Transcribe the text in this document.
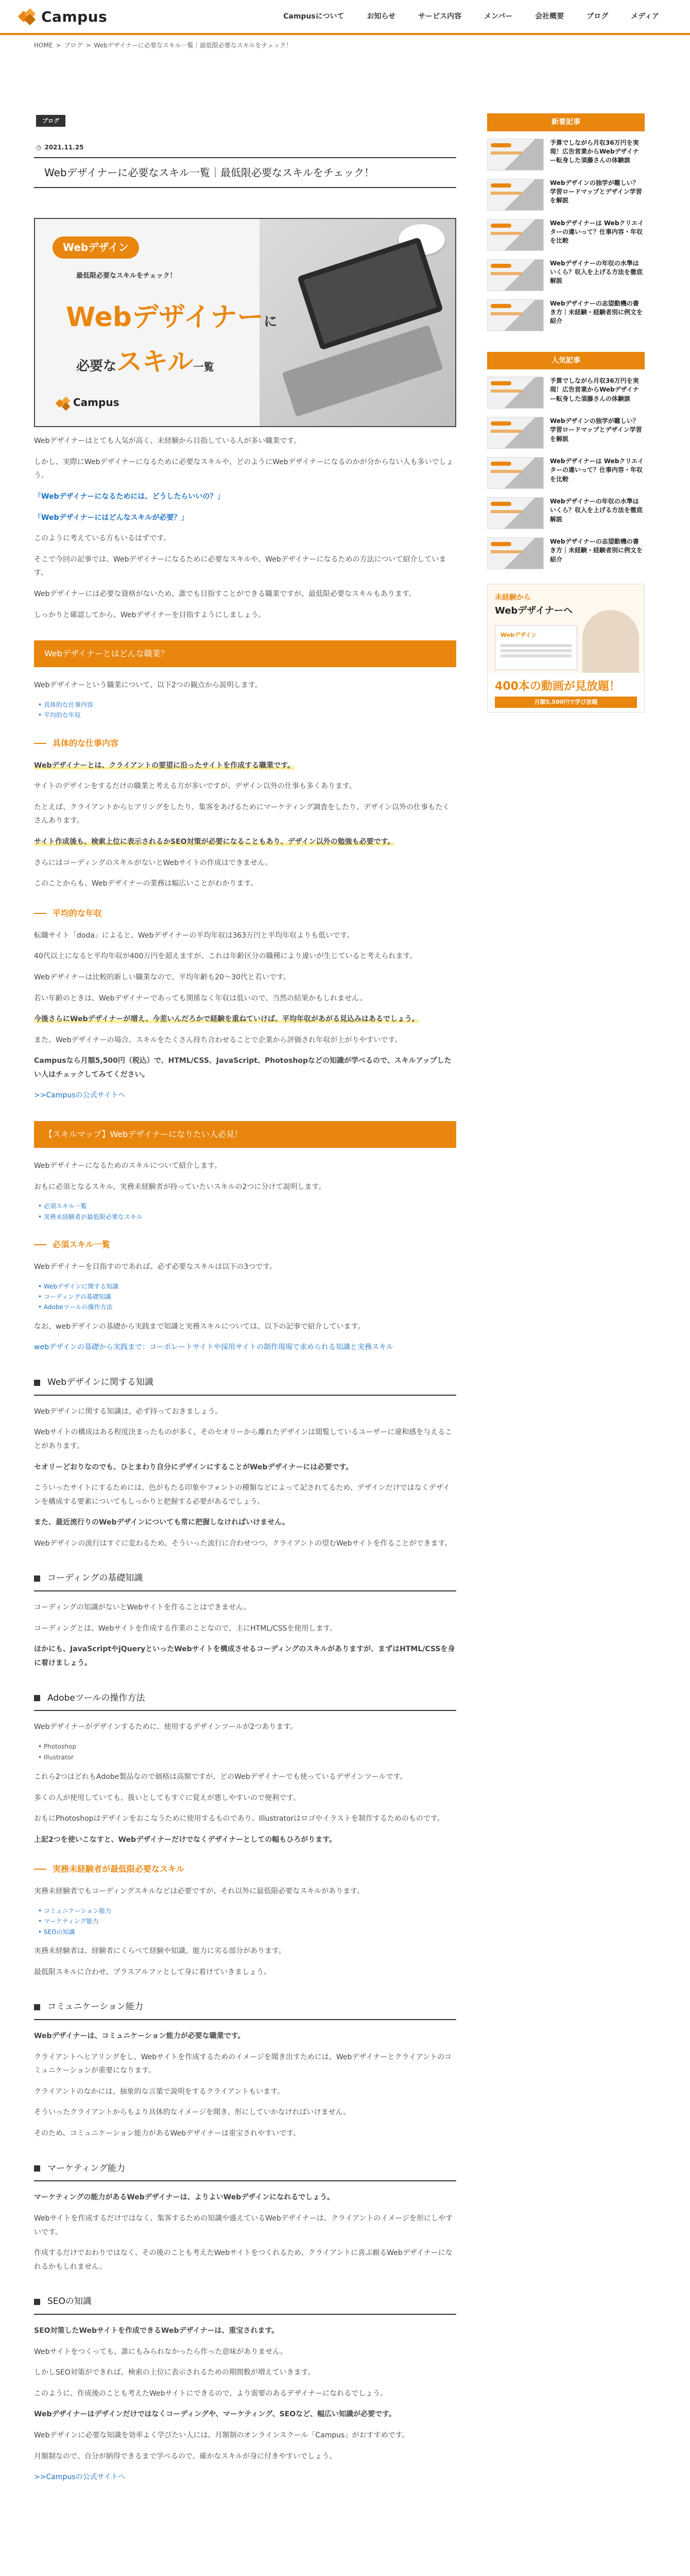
Campus	Campusについて	お知らせ	サービス内容	メンバー	会社概要	ブログ	メディア
HOME > ブログ > Webデザイナーに必要なスキル一覧｜最低限必要なスキルをチェック！
ブログ
◷ 2021.11.25
Webデザイナーに必要なスキル一覧｜最低限必要なスキルをチェック！
Webデザイン
最低限必要なスキルをチェック！
Webデザイナーに
必要なスキル一覧
Campus

Webデザイナーはとても人気が高く、未経験から目指している人が多い職業です。

しかし、実際にWebデザイナーになるために必要なスキルや、どのようにWebデザイナーになるのかが分からない人も多いでしょう。

「Webデザイナーになるためには、どうしたらいいの？」

「Webデザイナーにはどんなスキルが必要？」

このように考えている方もいるはずです。

そこで今回の記事では、Webデザイナーになるために必要なスキルや、Webデザイナーになるための方法について紹介しています。

Webデザイナーには必要な資格がないため、誰でも目指すことができる職業ですが、最低限必要なスキルもあります。

しっかりと確認してから、Webデザイナーを目指すようにしましょう。

Webデザイナーとはどんな職業？

Webデザイナーという職業について、以下2つの観点から説明します。

• 具体的な仕事内容
• 平均的な年収
具体的な仕事内容

Webデザイナーとは、クライアントの要望に沿ったサイトを作成する職業です。

サイトのデザインをするだけの職業と考える方が多いですが、デザイン以外の仕事も多くあります。

たとえば、クライアントからヒアリングをしたり、集客をあげるためにマーケティング調査をしたり、デザイン以外の仕事もたくさんあります。

サイト作成後も、検索上位に表示されるかSEO対策が必要になることもあり、デザイン以外の勉強も必要です。

さらにはコーディングのスキルがないとWebサイトの作成はできません。

このことからも、Webデザイナーの業務は幅広いことがわかります。

平均的な年収

転職サイト「doda」によると、Webデザイナーの平均年収は363万円と平均年収よりも低いです。

40代以上になると平均年収が400万円を超えますが、これは年齢区分の職種により違いが生じていると考えられます。

Webデザイナーは比較的新しい職業なので、平均年齢も20〜30代と若いです。

若い年齢のときは、Webデザイナーであっても関係なく年収は低いので、当然の結果かもしれません。

今後さらにWebデザイナーが増え、今差いんだろかで経験を重ねていけば、平均年収があがる見込みはあるでしょう。

また、Webデザイナーの場合、スキルをたくさん持ち合わせることで企業から評価され年収が上がりやすいです。

Campusなら月額5,500円（税込）で、HTML/CSS、JavaScript、Photoshopなどの知識が学べるので、スキルアップしたい人はチェックしてみてください。

>>Campusの公式サイトへ

【スキルマップ】Webデザイナーになりたい人必見！

Webデザイナーになるためのスキルについて紹介します。

おもに必須となるスキル、実務未経験者が持っていたいスキルの2つに分けて説明します。

• 必須スキル一覧
• 実務未経験者が最低限必要なスキル
必須スキル一覧

Webデザイナーを目指すのであれば、必ず必要なスキルは以下の3つです。

• Webデザインに関する知識
• コーディングの基礎知識
• Adobeツールの操作方法

なお、webデザインの基礎から実践まで知識と実務スキルについては、以下の記事で紹介しています。

webデザインの基礎から実践まで：コーポレートサイトや採用サイトの制作現場で求められる知識と実務スキル

Webデザインに関する知識

Webデザインに関する知識は、必ず持っておきましょう。

Webサイトの構成はある程度決まったものが多く、そのセオリーから離れたデザインは閲覧しているユーザーに違和感を与えることがあります。

セオリーどおりなのでも、ひとまわり自分にデザインにすることがWebデザイナーには必要です。

こういったサイトにするためには、色がもたる印象やフォントの種類などによって記されてるため、デザインだけではなくデザインを構成する要素についてもしっかりと把握する必要があるでしょう。

また、最近流行りのWebデザインについても常に把握しなければいけません。

Webデザインの流行はすぐに変わるため、そういった流行に合わせつつ、クライアントの望むWebサイトを作ることができます。

コーディングの基礎知識

コーディングの知識がないとWebサイトを作ることはできません。

コーディングとは、Webサイトを作成する作業のことなので、主にHTML/CSSを使用します。

ほかにも、JavaScriptやjQueryといったWebサイトを構成させるコーディングのスキルがありますが、まずはHTML/CSSを身に着けましょう。

Adobeツールの操作方法

Webデザイナーがデザインするために、使用するデザインツールが2つあります。

• Photoshop
• Illustrator

これら2つはどれもAdobe製品なので価格は高額ですが、どのWebデザイナーでも使っているデザインツールです。

多くの人が使用していても、扱いとしてもすぐに覚えが悪しやすいので便利です。

おもにPhotoshopはデザインをおこなうために使用するものであり、Illustratorはロゴやイラストを制作するためのものです。

上記2つを使いこなすと、Webデザイナーだけでなくデザイナーとしての幅もひろがります。

実務未経験者が最低限必要なスキル

実務未経験者でもコーディングスキルなどは必要ですが、それ以外に最低限必要なスキルがあります。

• コミュニケーション能力
• マーケティング能力
• SEOの知識

実務未経験者は、経験者にくらべて経験や知識、能力に劣る部分があります。

最低限スキルに合わせ、プラスアルファとして身に着けていきましょう。

コミュニケーション能力

Webデザイナーは、コミュニケーション能力が必要な職業です。

クライアントへヒアリングをし、Webサイトを作成するためのイメージを聞き出すためには、Webデザイナーとクライアントのコミュニケーションが重要になります。

クライアントのなかには、抽象的な言葉で説明をするクライアントもいます。

そういったクライアントからもより具体的なイメージを聞き、形にしていかなければいけません。

そのため、コミュニケーション能力があるWebデザイナーは重宝されやすいです。

マーケティング能力

マーケティングの能力があるWebデザイナーは、よりよいWebデザインになれるでしょう。

Webサイトを作成するだけではなく、集客するための知識や盛えているWebデザイナーは、クライアントのイメージを形にしやすいです。

作成するだけでおわりではなく、その後のことも考えたWebサイトをつくれるため、クライアントに喜ぶ頼るWebデザイナーになれるかもしれません。

SEOの知識

SEO対策したWebサイトを作成できるWebデザイナーは、重宝されます。

Webサイトをつくっても、誰にもみられなかったら作った意味がありません。

しかしSEO対策ができれば、検索の上位に表示されるための期間数が増えていきます。

このように、作成後のことも考えたWebサイトにできるので、より需要のあるデザイナーになれるでしょう。

Webデザイナーはデザインだけではなくコーディングや、マーケティング、SEOなど、幅広い知識が必要です。

Webデザインに必要な知識を効率よく学びたい人には、月額制のオンラインスクール「Campus」がおすすめです。

月額制なので、自分が納得できるまで学べるので、確かなスキルが身に付きやすいでしょう。

>>Campusの公式サイトへ

新着記事
予算でしながら月収36万円を実現！広告営業からWebデザイナー転身した須藤さんの体験談
Webデザインの独学が難しい？学習ロードマップとデザイン学習を解説
Webデザイナーは Webクリエイターの違いって？仕事内容・年収を比較
Webデザイナーの年収の水準はいくら？収入を上げる方法を徹底解説
Webデザイナーの志望動機の書き方｜未経験・経験者別に例文を紹介
人気記事
予算でしながら月収36万円を実現！広告営業からWebデザイナー転身した須藤さんの体験談
Webデザインの独学が難しい？学習ロードマップとデザイン学習を解説
Webデザイナーは Webクリエイターの違いって？仕事内容・年収を比較
Webデザイナーの年収の水準はいくら？収入を上げる方法を徹底解説
Webデザイナーの志望動機の書き方｜未経験・経験者別に例文を紹介
未経験から
Webデザイナーへ
Webデザイン
400本の動画が見放題！
月額5,500円で学び放題
